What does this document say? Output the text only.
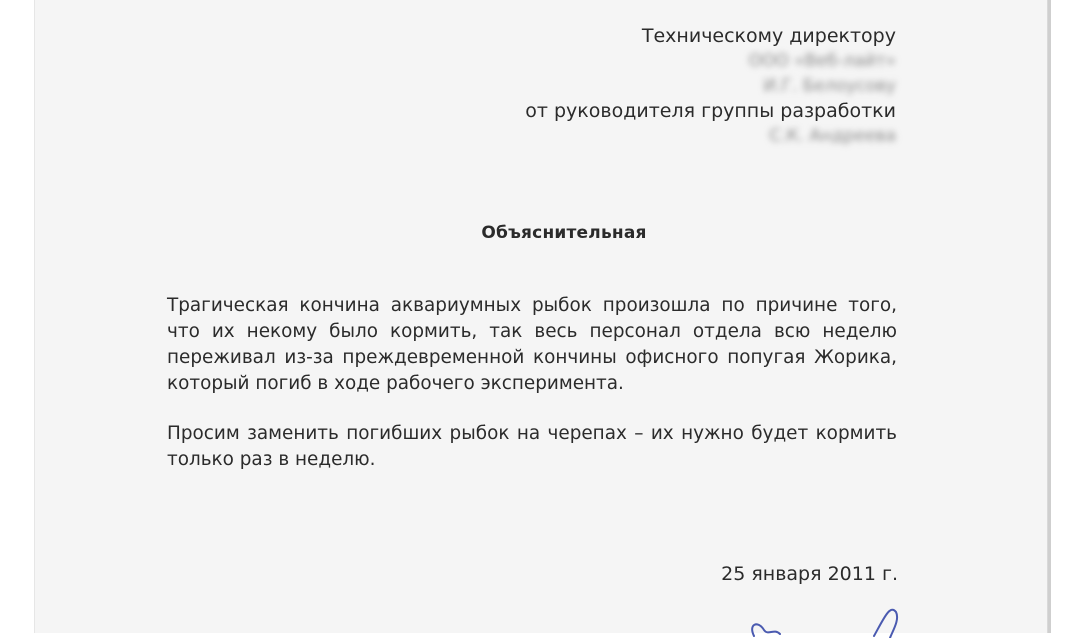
Техническому директору
ООО «Веб-лайт»
И.Г. Белоусову
от руководителя группы разработки
С.К. Андреева
Объяснительная

Трагическая кончина аквариумных рыбок произошла по причине того, что их некому было кормить, так весь персонал отдела всю неделю переживал из-за преждевременной кончины офисного попугая Жорика, который погиб в ходе рабочего эксперимента.

Просим заменить погибших рыбок на черепах – их нужно будет кормить только раз в неделю.

25 января 2011 г.
